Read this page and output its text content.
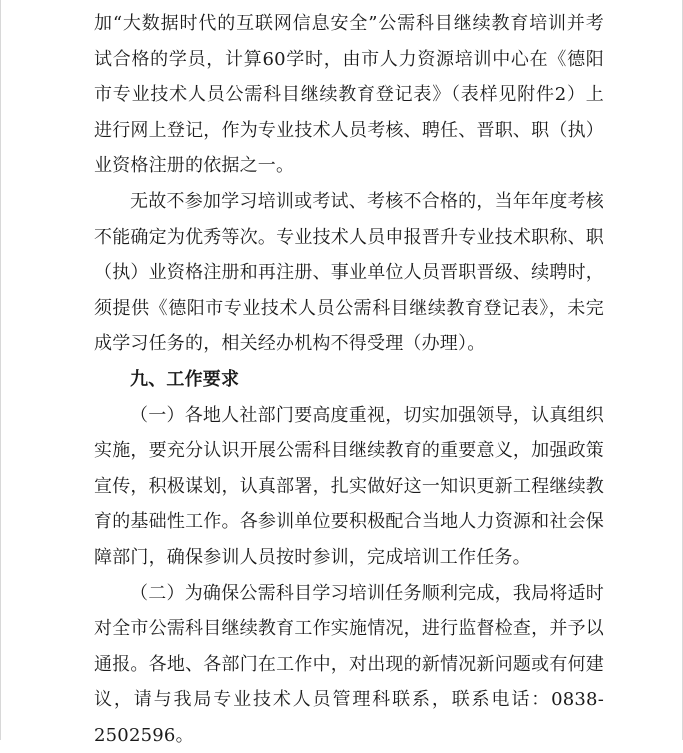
加“大数据时代的互联网信息安全”公需科目继续教育培训并考试合格的学员，计算60学时，由市人力资源培训中心在《德阳市专业技术人员公需科目继续教育登记表》（表样见附件2）上进行网上登记，作为专业技术人员考核、聘任、晋职、职（执）业资格注册的依据之一。

无故不参加学习培训或考试、考核不合格的，当年年度考核不能确定为优秀等次。专业技术人员申报晋升专业技术职称、职（执）业资格注册和再注册、事业单位人员晋职晋级、续聘时，须提供《德阳市专业技术人员公需科目继续教育登记表》，未完成学习任务的，相关经办机构不得受理（办理）。

九、工作要求

（一）各地人社部门要高度重视，切实加强领导，认真组织实施，要充分认识开展公需科目继续教育的重要意义，加强政策宣传，积极谋划，认真部署，扎实做好这一知识更新工程继续教育的基础性工作。各参训单位要积极配合当地人力资源和社会保障部门，确保参训人员按时参训，完成培训工作任务。

（二）为确保公需科目学习培训任务顺利完成，我局将适时对全市公需科目继续教育工作实施情况，进行监督检查，并予以通报。各地、各部门在工作中，对出现的新情况新问题或有何建议，请与我局专业技术人员管理科联系，联系电话：0838-2502596。
